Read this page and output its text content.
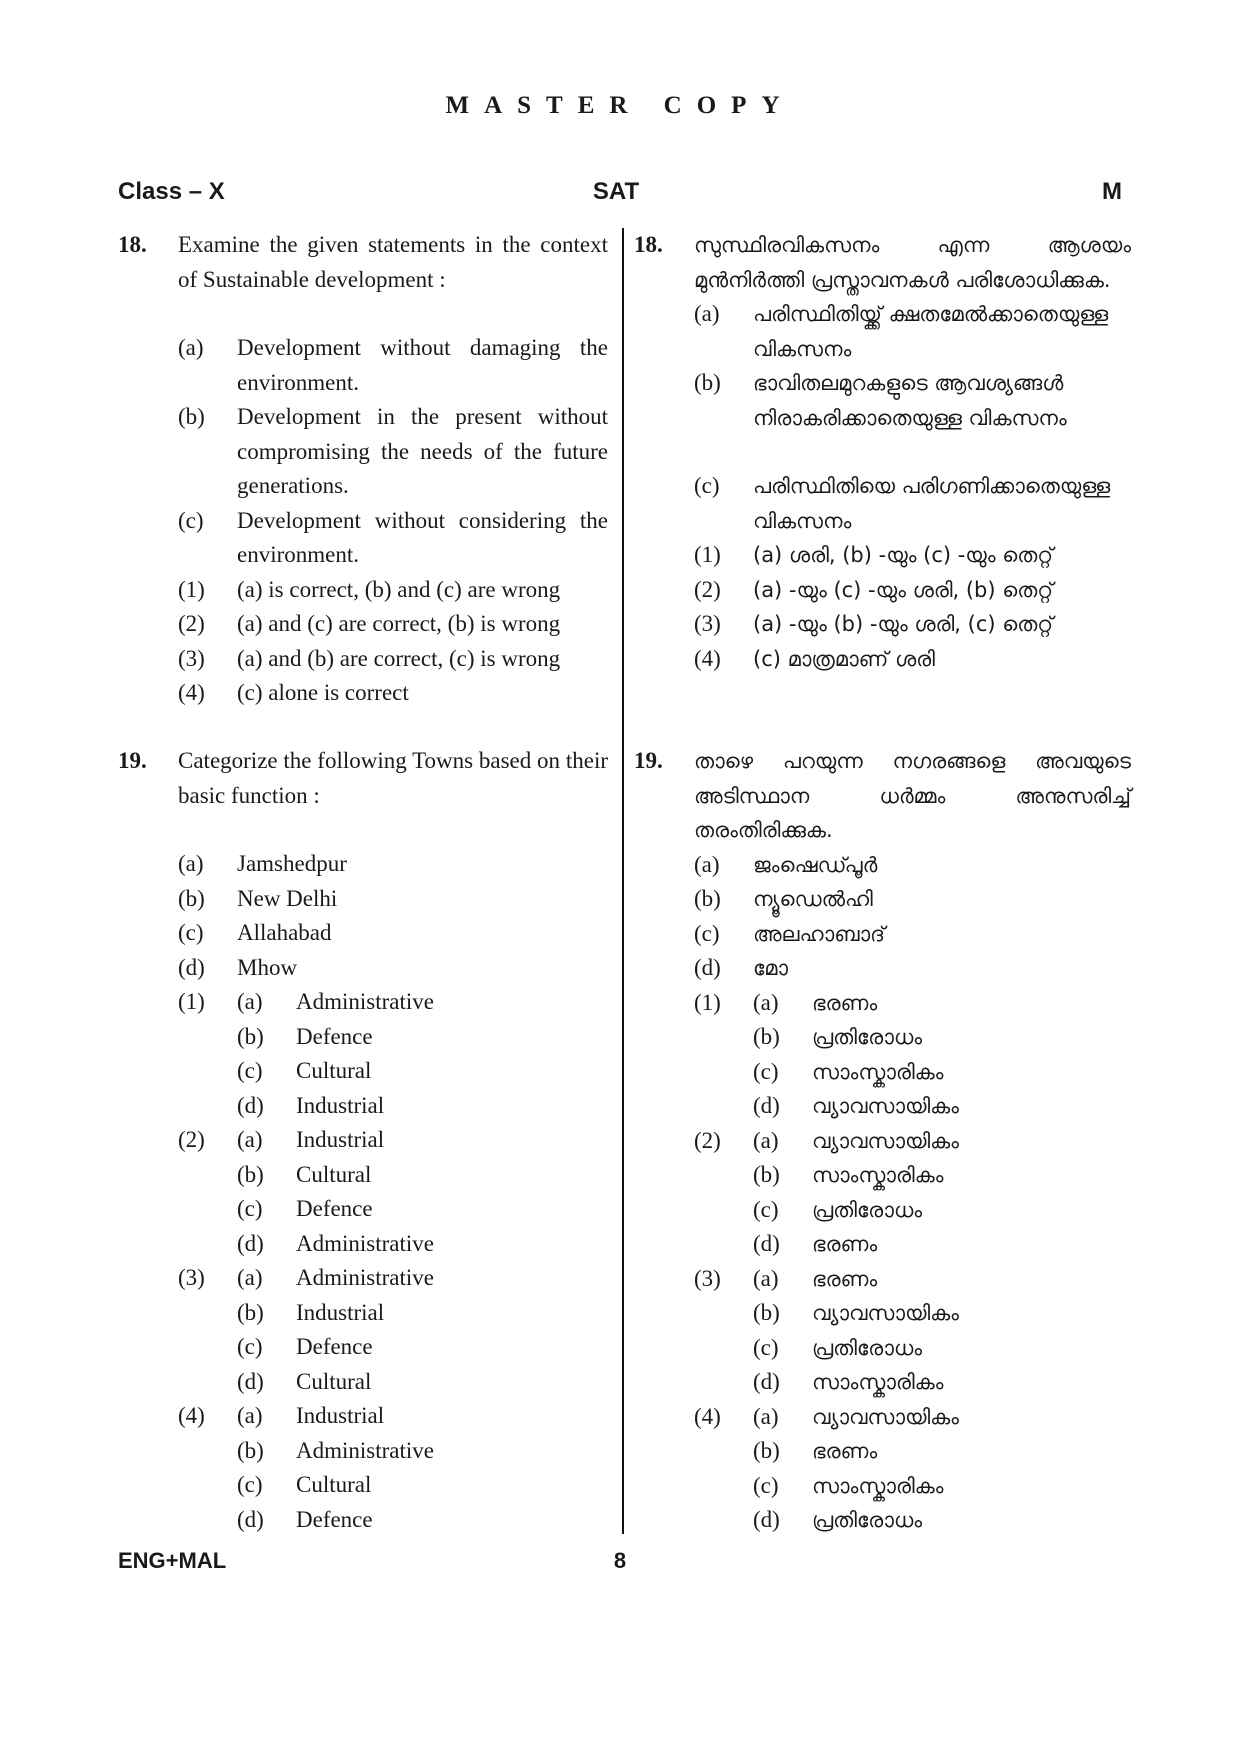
MASTER COPY
Class – X	SAT	M
18. Examine the given statements in the context of Sustainable development :
(a) Development without damaging the environment.
(b) Development in the present without compromising the needs of the future generations.
(c) Development without considering the environment.
(1) (a) is correct, (b) and (c) are wrong
(2) (a) and (c) are correct, (b) is wrong
(3) (a) and (b) are correct, (c) is wrong
(4) (c) alone is correct
19. Categorize the following Towns based on their basic function :
(a) Jamshedpur
(b) New Delhi
(c) Allahabad
(d) Mhow
(1) (a) Administrative
(b) Defence
(c) Cultural
(d) Industrial
(2) (a) Industrial
(b) Cultural
(c) Defence
(d) Administrative
(3) (a) Administrative
(b) Industrial
(c) Defence
(d) Cultural
(4) (a) Industrial
(b) Administrative
(c) Cultural
(d) Defence
18. സുസ്ഥിരവികസനം എന്ന ആശയം മുൻനിർത്തി പ്രസ്താവനകൾ പരിശോധിക്കുക.
(a) പരിസ്ഥിതിയ്ക്ക് ക്ഷതമേൽക്കാതെയുള്ള വികസനം
(b) ഭാവിതലമുറകളുടെ ആവശ്യങ്ങൾ നിരാകരിക്കാതെയുള്ള വികസനം
(c) പരിസ്ഥിതിയെ പരിഗണിക്കാതെയുള്ള വികസനം
(1) (a) ശരി, (b) -യും (c) -യും തെറ്റ്
(2) (a) -യും (c) -യും ശരി, (b) തെറ്റ്
(3) (a) -യും (b) -യും ശരി, (c) തെറ്റ്
(4) (c) മാത്രമാണ് ശരി
19. താഴെ പറയുന്ന നഗരങ്ങളെ അവയുടെ അടിസ്ഥാന ധർമ്മം അനുസരിച്ച് തരംതിരിക്കുക.
(a) ജംഷെഡ്പൂർ
(b) ന്യൂഡെൽഹി
(c) അലഹാബാദ്
(d) മോ
(1) (a) ഭരണം
(b) പ്രതിരോധം
(c) സാംസ്കാരികം
(d) വ്യാവസായികം
(2) (a) വ്യാവസായികം
(b) സാംസ്കാരികം
(c) പ്രതിരോധം
(d) ഭരണം
(3) (a) ഭരണം
(b) വ്യാവസായികം
(c) പ്രതിരോധം
(d) സാംസ്കാരികം
(4) (a) വ്യാവസായികം
(b) ഭരണം
(c) സാംസ്കാരികം
(d) പ്രതിരോധം
ENG+MAL	8
